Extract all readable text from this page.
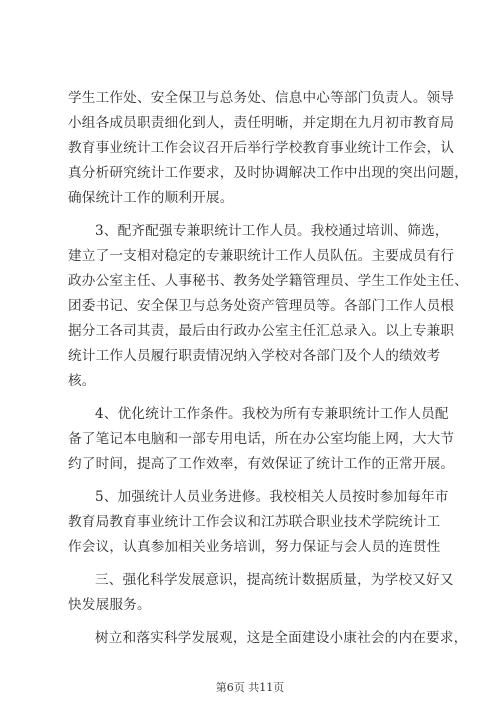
学生工作处、安全保卫与总务处、信息中心等部门负责人。领导
小组各成员职责细化到人，责任明晰，并定期在九月初市教育局
教育事业统计工作会议召开后举行学校教育事业统计工作会，认
真分析研究统计工作要求，及时协调解决工作中出现的突出问题，
确保统计工作的顺利开展。
3、配齐配强专兼职统计工作人员。我校通过培训、筛选，
建立了一支相对稳定的专兼职统计工作人员队伍。主要成员有行
政办公室主任、人事秘书、教务处学籍管理员、学生工作处主任、
团委书记、安全保卫与总务处资产管理员等。各部门工作人员根
据分工各司其责，最后由行政办公室主任汇总录入。以上专兼职
统计工作人员履行职责情况纳入学校对各部门及个人的绩效考
核。
4、优化统计工作条件。我校为所有专兼职统计工作人员配
备了笔记本电脑和一部专用电话，所在办公室均能上网，大大节
约了时间，提高了工作效率，有效保证了统计工作的正常开展。
5、加强统计人员业务进修。我校相关人员按时参加每年市
教育局教育事业统计工作会议和江苏联合职业技术学院统计工
作会议，认真参加相关业务培训，努力保证与会人员的连贯性
三、强化科学发展意识，提高统计数据质量，为学校又好又
快发展服务。
树立和落实科学发展观，这是全面建设小康社会的内在要求，
第6页 共11页
